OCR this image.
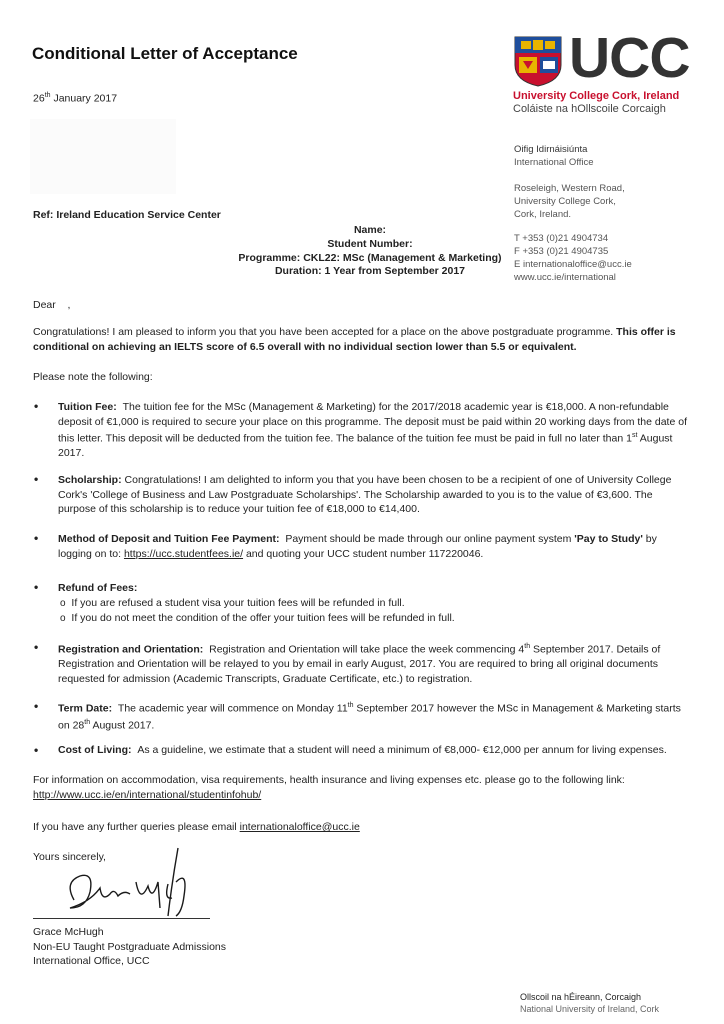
Conditional Letter of Acceptance
26th January 2017
Ref: Ireland Education Service Center
UCC
University College Cork, Ireland
Coláiste na hOllscoile Corcaigh
Oifig Idirnáisiúnta
International Office
Roseleigh, Western Road,
University College Cork,
Cork, Ireland.
T +353 (0)21 4904734
F +353 (0)21 4904735
E internationaloffice@ucc.ie
www.ucc.ie/international
Name:
Student Number:
Programme: CKL22: MSc (Management & Marketing)
Duration: 1 Year from September 2017
Dear ,
Congratulations! I am pleased to inform you that you have been accepted for a place on the above postgraduate programme. This offer is conditional on achieving an IELTS score of 6.5 overall with no individual section lower than 5.5 or equivalent.
Please note the following:
• Tuition Fee: The tuition fee for the MSc (Management & Marketing) for the 2017/2018 academic year is €18,000. A non-refundable deposit of €1,000 is required to secure your place on this programme. The deposit must be paid within 20 working days from the date of this letter. This deposit will be deducted from the tuition fee. The balance of the tuition fee must be paid in full no later than 1st August 2017.
• Scholarship: Congratulations! I am delighted to inform you that you have been chosen to be a recipient of one of University College Cork's 'College of Business and Law Postgraduate Scholarships'. The Scholarship awarded to you is to the value of €3,600. The purpose of this scholarship is to reduce your tuition fee of €18,000 to €14,400.
• Method of Deposit and Tuition Fee Payment: Payment should be made through our online payment system 'Pay to Study' by logging on to: https://ucc.studentfees.ie/ and quoting your UCC student number 117220046.
• Refund of Fees:
o If you are refused a student visa your tuition fees will be refunded in full.
o If you do not meet the condition of the offer your tuition fees will be refunded in full.
• Registration and Orientation: Registration and Orientation will take place the week commencing 4th September 2017. Details of Registration and Orientation will be relayed to you by email in early August, 2017. You are required to bring all original documents requested for admission (Academic Transcripts, Graduate Certificate, etc.) to registration.
• Term Date: The academic year will commence on Monday 11th September 2017 however the MSc in Management & Marketing starts on 28th August 2017.
• Cost of Living: As a guideline, we estimate that a student will need a minimum of €8,000- €12,000 per annum for living expenses.
For information on accommodation, visa requirements, health insurance and living expenses etc. please go to the following link:
http://www.ucc.ie/en/international/studentinfohub/
If you have any further queries please email internationaloffice@ucc.ie
Yours sincerely,
Grace McHugh
Non-EU Taught Postgraduate Admissions
International Office, UCC
Ollscoil na hÉireann, Corcaigh
National University of Ireland, Cork
